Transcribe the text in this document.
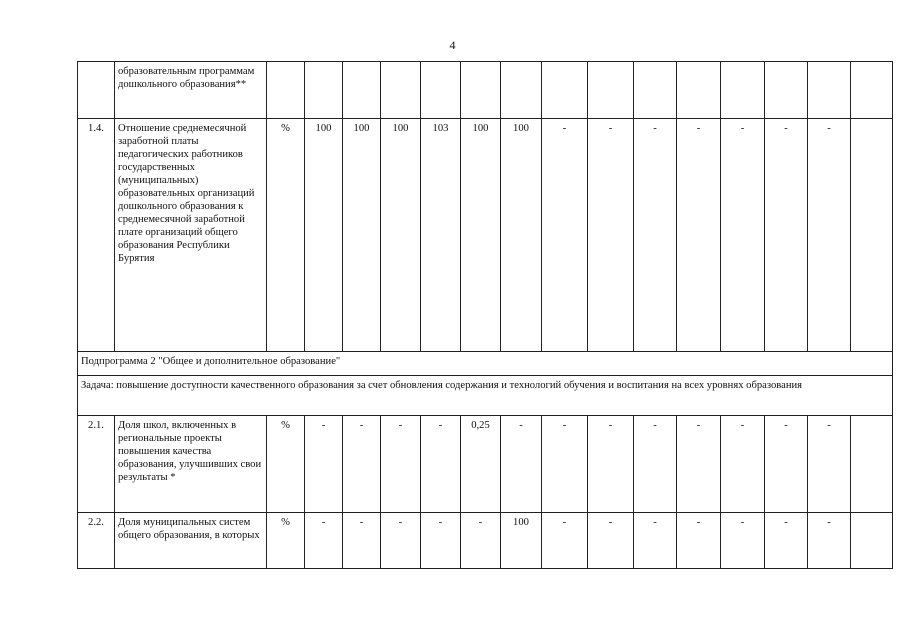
4
	образовательным программам дошкольного образования**															
1.4.	Отношение среднемесячной заработной платы педагогических работников государственных (муниципальных) образовательных организаций дошкольного образования к среднемесячной заработной плате организаций общего образования Республики Бурятия	%	100	100	100	103	100	100	-	-	-	-	-	-	-	
Подпрограмма 2 "Общее и дополнительное образование"																
Задача: повышение доступности качественного образования за счет обновления содержания и технологий обучения и воспитания на всех уровнях образования																
2.1.	Доля школ, включенных в региональные проекты повышения качества образования, улучшивших свои результаты *	%	-	-	-	-	0,25	-	-	-	-	-	-	-	-	
2.2.	Доля муниципальных систем общего образования, в которых	%	-	-	-	-	-	100	-	-	-	-	-	-	-	
